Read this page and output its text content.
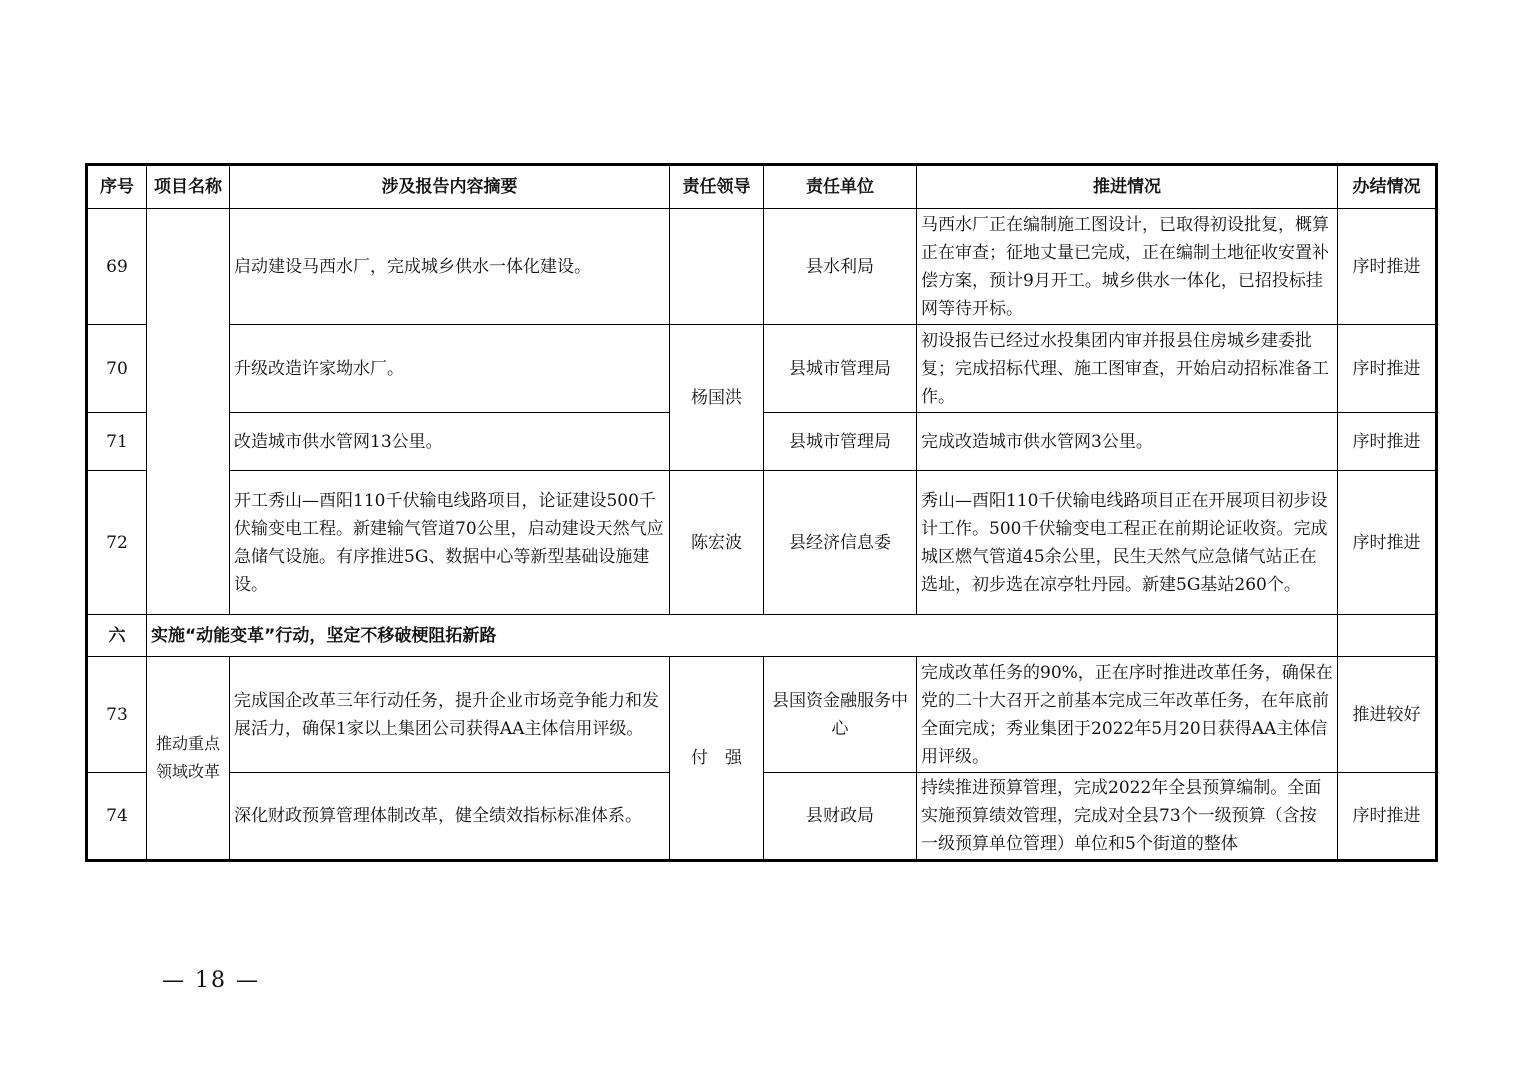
序号	项目名称	涉及报告内容摘要	责任领导	责任单位	推进情况	办结情况
69		启动建设马西水厂，完成城乡供水一体化建设。		县水利局	马西水厂正在编制施工图设计，已取得初设批复，概算正在审查；征地丈量已完成，正在编制土地征收安置补偿方案，预计9月开工。城乡供水一体化，已招投标挂网等待开标。	序时推进
70		升级改造许家坳水厂。	杨国洪	县城市管理局	初设报告已经过水投集团内审并报县住房城乡建委批复；完成招标代理、施工图审查，开始启动招标准备工作。	序时推进
71		改造城市供水管网13公里。		县城市管理局	完成改造城市供水管网3公里。	序时推进
72		开工秀山—酉阳110千伏输电线路项目，论证建设500千伏输变电工程。新建输气管道70公里，启动建设天然气应急储气设施。有序推进5G、数据中心等新型基础设施建设。	陈宏波	县经济信息委	秀山—酉阳110千伏输电线路项目正在开展项目初步设计工作。500千伏输变电工程正在前期论证收资。完成城区燃气管道45余公里，民生天然气应急储气站正在选址，初步选在凉亭牡丹园。新建5G基站260个。	序时推进
六	实施“动能变革”行动，坚定不移破梗阻拓新路					
73	推动重点领域改革	完成国企改革三年行动任务，提升企业市场竞争能力和发展活力，确保1家以上集团公司获得AA主体信用评级。	付　强	县国资金融服务中心	完成改革任务的90%，正在序时推进改革任务，确保在党的二十大召开之前基本完成三年改革任务，在年底前全面完成；秀业集团于2022年5月20日获得AA主体信用评级。	推进较好
74		深化财政预算管理体制改革，健全绩效指标标准体系。		县财政局	持续推进预算管理，完成2022年全县预算编制。全面实施预算绩效管理，完成对全县73个一级预算（含按一级预算单位管理）单位和5个街道的整体	序时推进
— 18 —
